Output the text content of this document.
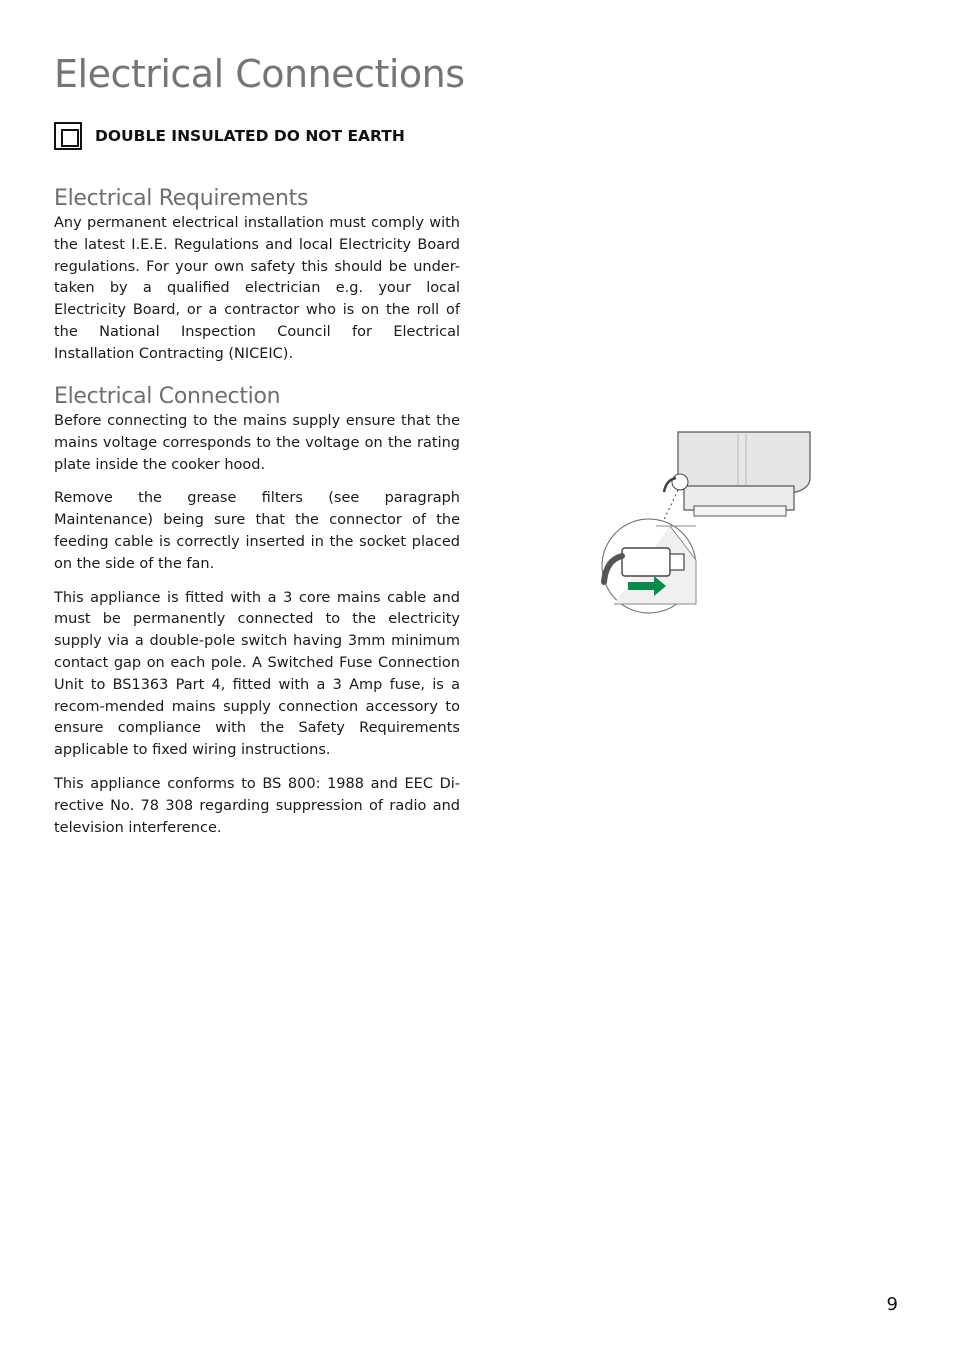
Electrical Connections
DOUBLE INSULATED DO NOT EARTH
Electrical Requirements

Any permanent electrical installation must comply with the latest I.E.E. Regulations and local Electricity Board regulations. For your own safety this should be under-taken by a qualified electrician e.g. your local Electricity Board, or a contractor who is on the roll of the National Inspection Council for Electrical Installation Contracting (NICEIC).

Electrical Connection

Before connecting to the mains supply ensure that the mains voltage corresponds to the voltage on the rating plate inside the cooker hood.

Remove the grease filters (see paragraph Maintenance) being sure that the connector of the feeding cable is correctly inserted in the socket placed on the side of the fan.

This appliance is fitted with a 3 core mains cable and must be permanently connected to the electricity supply via a double-pole switch having 3mm minimum contact gap on each pole. A Switched Fuse Connection Unit to BS1363 Part 4, fitted with a 3 Amp fuse, is a recom-mended mains supply connection accessory to ensure compliance with the Safety Requirements applicable to fixed wiring instructions.

This appliance conforms to BS 800: 1988 and EEC Di-rective No. 78 308 regarding suppression of radio and television interference.

9
